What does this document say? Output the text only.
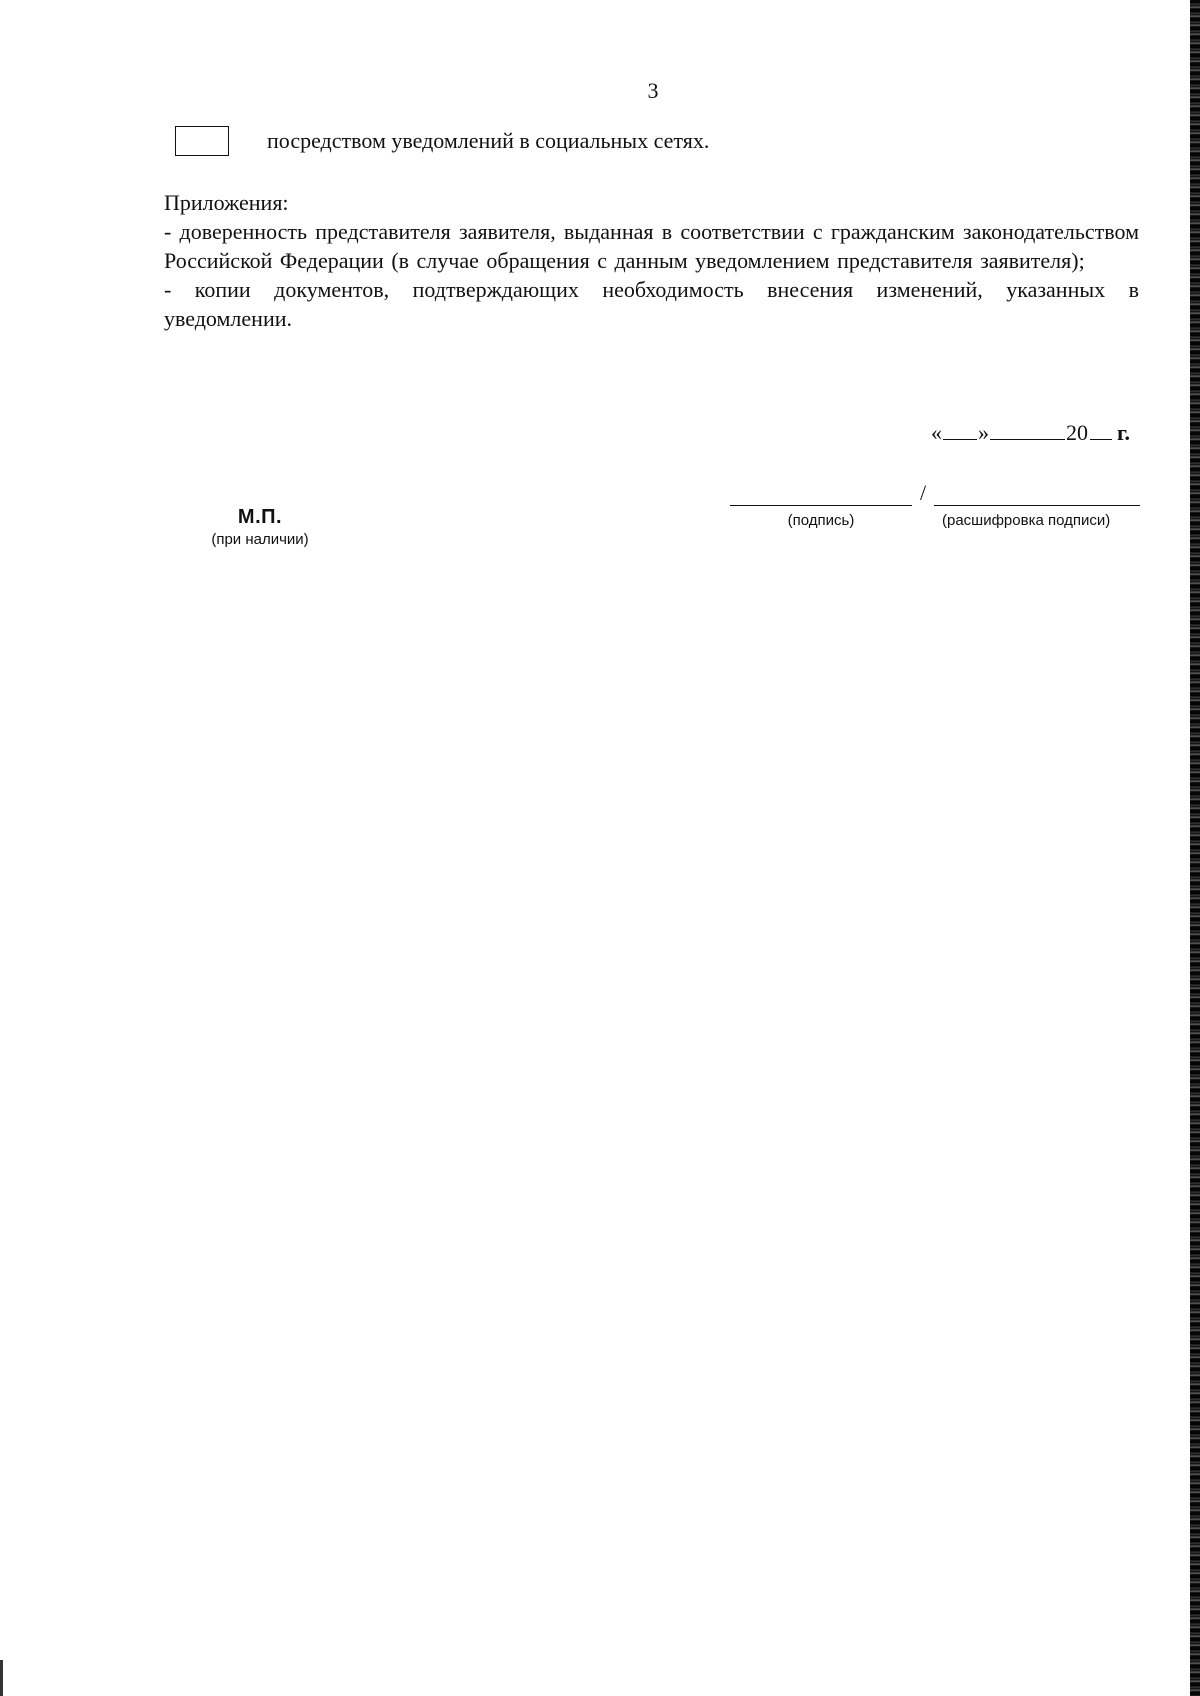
3
посредством уведомлений в социальных сетях.

Приложения:

- доверенность представителя заявителя, выданная в соответствии с гражданским законодательством Российской Федерации (в случае обращения с данным уведомлением представителя заявителя);

- копии документов, подтверждающих необходимость внесения изменений, указанных в уведомлении.

« »	20 г.
/
(подпись)	(расшифровка подписи)
М.П.
(при наличии)
